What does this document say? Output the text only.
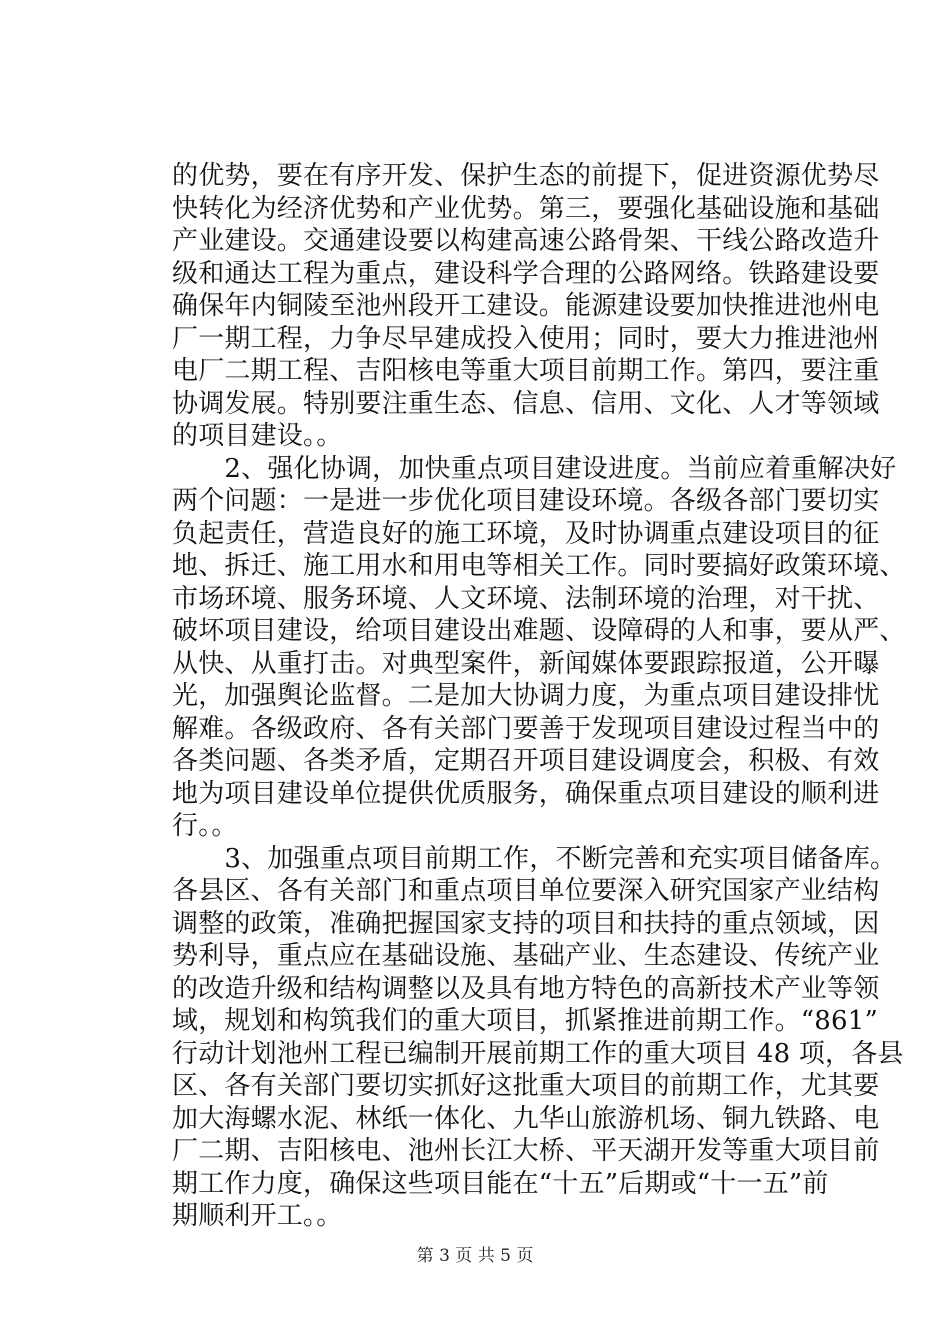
的优势，要在有序开发、保护生态的前提下，促进资源优势尽
快转化为经济优势和产业优势。第三，要强化基础设施和基础
产业建设。交通建设要以构建高速公路骨架、干线公路改造升
级和通达工程为重点，建设科学合理的公路网络。铁路建设要
确保年内铜陵至池州段开工建设。能源建设要加快推进池州电
厂一期工程，力争尽早建成投入使用；同时，要大力推进池州
电厂二期工程、吉阳核电等重大项目前期工作。第四，要注重
协调发展。特别要注重生态、信息、信用、文化、人才等领域
的项目建设。。
　　2、强化协调，加快重点项目建设进度。当前应着重解决好
两个问题：一是进一步优化项目建设环境。各级各部门要切实
负起责任，营造良好的施工环境，及时协调重点建设项目的征
地、拆迁、施工用水和用电等相关工作。同时要搞好政策环境、
市场环境、服务环境、人文环境、法制环境的治理，对干扰、
破坏项目建设，给项目建设出难题、设障碍的人和事，要从严、
从快、从重打击。对典型案件，新闻媒体要跟踪报道，公开曝
光，加强舆论监督。二是加大协调力度，为重点项目建设排忧
解难。各级政府、各有关部门要善于发现项目建设过程当中的
各类问题、各类矛盾，定期召开项目建设调度会，积极、有效
地为项目建设单位提供优质服务，确保重点项目建设的顺利进
行。。
　　3、加强重点项目前期工作，不断完善和充实项目储备库。
各县区、各有关部门和重点项目单位要深入研究国家产业结构
调整的政策，准确把握国家支持的项目和扶持的重点领域，因
势利导，重点应在基础设施、基础产业、生态建设、传统产业
的改造升级和结构调整以及具有地方特色的高新技术产业等领
域，规划和构筑我们的重大项目，抓紧推进前期工作。“861”
行动计划池州工程已编制开展前期工作的重大项目 48 项，各县
区、各有关部门要切实抓好这批重大项目的前期工作，尤其要
加大海螺水泥、林纸一体化、九华山旅游机场、铜九铁路、电
厂二期、吉阳核电、池州长江大桥、平天湖开发等重大项目前
期工作力度，确保这些项目能在“十五”后期或“十一五”前
期顺利开工。。
第 3 页 共 5 页
